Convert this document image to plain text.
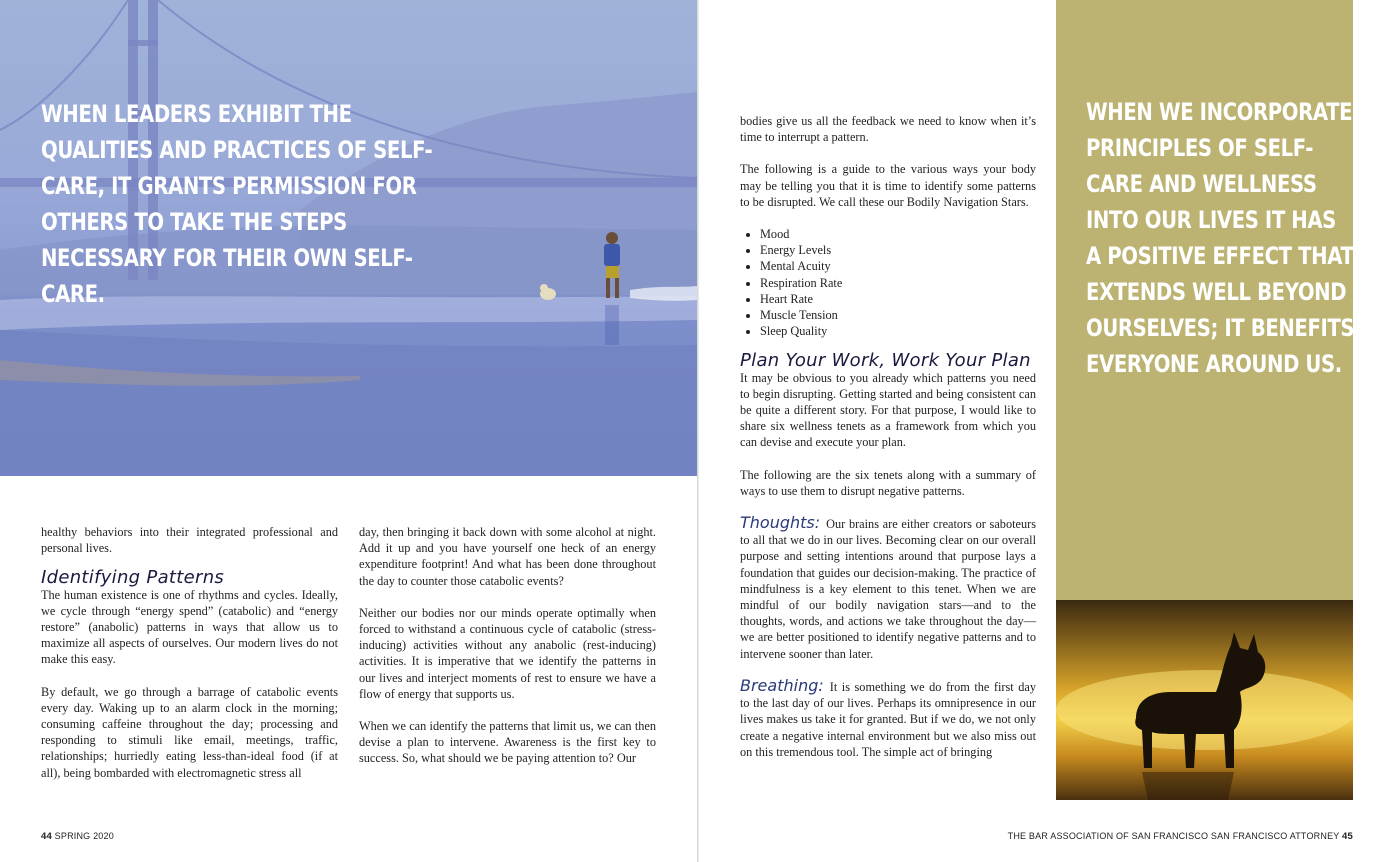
WHEN LEADERS EXHIBIT THE QUALITIES AND PRACTICES OF SELF-CARE, IT GRANTS PERMISSION FOR OTHERS TO TAKE THE STEPS NECESSARY FOR THEIR OWN SELF-CARE.

healthy behaviors into their integrated professional and personal lives.

Identifying Patterns

The human existence is one of rhythms and cycles. Ideally, we cycle through “energy spend” (catabolic) and “energy restore” (anabolic) patterns in ways that allow us to maximize all aspects of ourselves. Our modern lives do not make this easy.

By default, we go through a barrage of catabolic events every day. Waking up to an alarm clock in the morning; consuming caffeine throughout the day; processing and responding to stimuli like email, meetings, traffic, relationships; hurriedly eating less-than-ideal food (if at all), being bombarded with electromagnetic stress all

day, then bringing it back down with some alcohol at night. Add it up and you have yourself one heck of an energy expenditure footprint! And what has been done throughout the day to counter those catabolic events?

Neither our bodies nor our minds operate optimally when forced to withstand a continuous cycle of catabolic (stress-inducing) activities without any anabolic (rest-inducing) activities. It is imperative that we identify the patterns in our lives and interject moments of rest to ensure we have a flow of energy that supports us.

When we can identify the patterns that limit us, we can then devise a plan to intervene. Awareness is the first key to success. So, what should we be paying attention to? Our

44 SPRING 2020

bodies give us all the feedback we need to know when it’s time to interrupt a pattern.

The following is a guide to the various ways your body may be telling you that it is time to identify some patterns to be disrupted. We call these our Bodily Navigation Stars.

• Mood
• Energy Levels
• Mental Acuity
• Respiration Rate
• Heart Rate
• Muscle Tension
• Sleep Quality
Plan Your Work, Work Your Plan

It may be obvious to you already which patterns you need to begin disrupting. Getting started and being consistent can be quite a different story. For that purpose, I would like to share six wellness tenets as a framework from which you can devise and execute your plan.

The following are the six tenets along with a summary of ways to use them to disrupt negative patterns.

Thoughts: Our brains are either creators or saboteurs to all that we do in our lives. Becoming clear on our overall purpose and setting intentions around that purpose lays a foundation that guides our decision-making. The practice of mindfulness is a key element to this tenet. When we are mindful of our bodily navigation stars—and to the thoughts, words, and actions we take throughout the day—we are better positioned to identify negative patterns and to intervene sooner than later.

Breathing: It is something we do from the first day to the last day of our lives. Perhaps its omnipresence in our lives makes us take it for granted. But if we do, we not only create a negative internal environment but we also miss out on this tremendous tool. The simple act of bringing

WHEN WE INCORPORATE PRINCIPLES OF SELF-CARE AND WELLNESS INTO OUR LIVES IT HAS A POSITIVE EFFECT THAT EXTENDS WELL BEYOND OURSELVES; IT BENEFITS EVERYONE AROUND US.
THE BAR ASSOCIATION OF SAN FRANCISCO SAN FRANCISCO ATTORNEY 45
